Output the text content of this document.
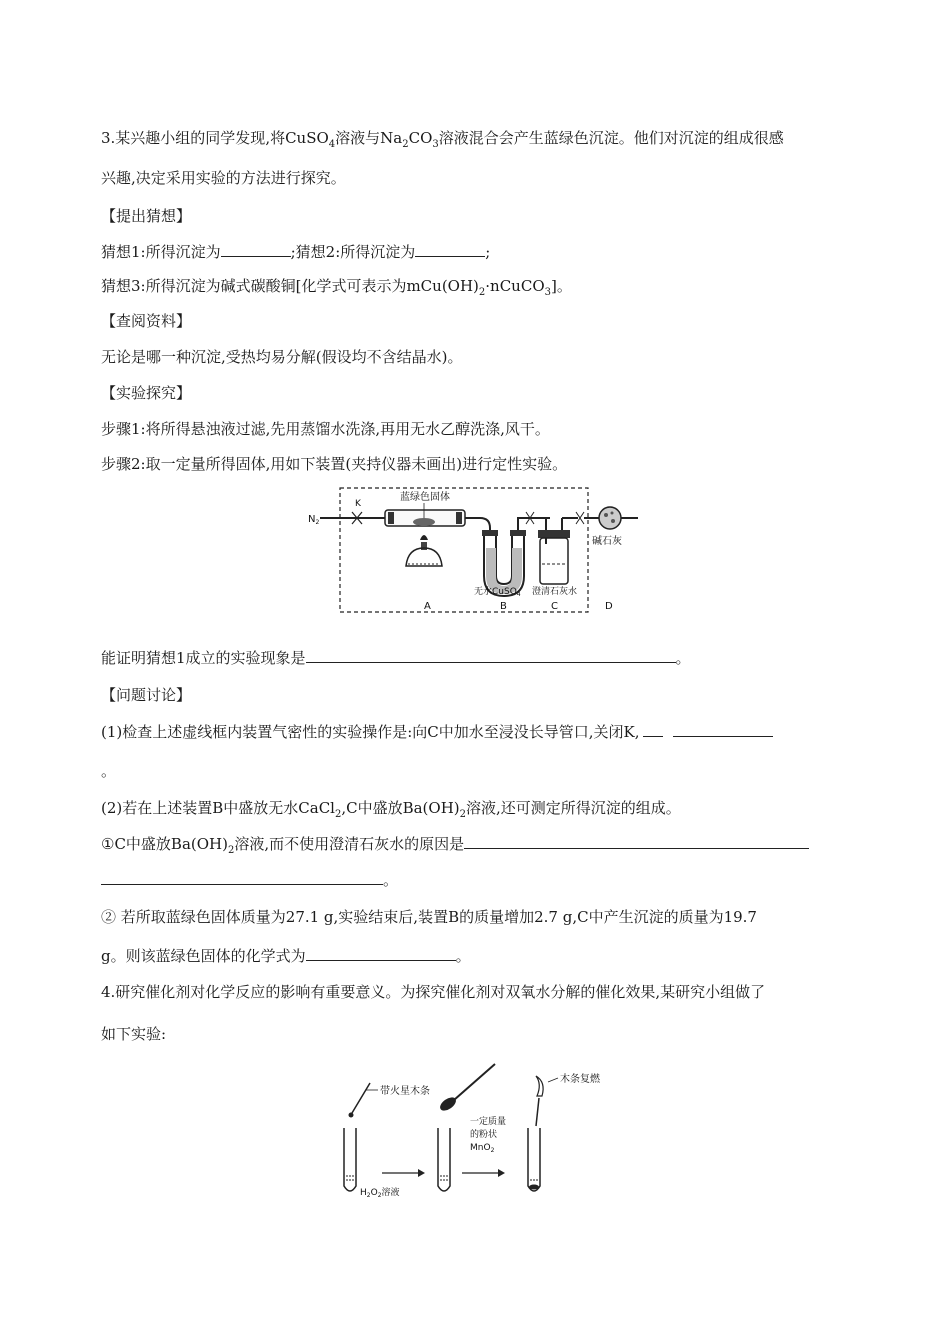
3.某兴趣小组的同学发现,将CuSO$_4$溶液与$Na_2CO_3$溶液混合会产生蓝绿色沉淀。他们对沉淀的组成很感
兴趣,决定采用实验的方法进行探究。
【提出猜想】
猜想1:所得沉淀为	;猜想2:所得沉淀为	;
猜想3:所得沉淀为碱式碳酸铜[化学式可表示为$mCu(OH)_2\cdot nCuCO_3$]。
【查阅资料】
无论是哪一种沉淀,受热均易分解(假设均不含结晶水)。
【实验探究】
步骤1:将所得悬浊液过滤,先用蒸馏水洗涤,再用无水乙醇洗涤,风干。
步骤2:取一定量所得固体,用如下装置(夹持仪器未画出)进行定性实验。
$N_2$
K
蓝绿色固体
碱石灰
无水CuSO$_4$ 澄清石灰水
A	B	C	D
能证明猜想1成立的实验现象是	。
【问题讨论】
(1)检查上述虚线框内装置气密性的实验操作是:向C中加水至浸没长导管口,关闭K,
。
(2)若在上述装置B中盛放无水CaCl$_2$,C中盛放$Ba(OH)_2$溶液,还可测定所得沉淀的组成。
①C中盛放$Ba(OH)_2$溶液,而不使用澄清石灰水的原因是
。
② 若所取蓝绿色固体质量为27.1 g,实验结束后,装置B的质量增加2.7 g,C中产生沉淀的质量为19.7
g。则该蓝绿色固体的化学式为	。
4.研究催化剂对化学反应的影响有重要意义。为探究催化剂对双氧水分解的催化效果,某研究小组做了
如下实验:
带火星木条
$H_2O_2$溶液
一定质量
的粉状
MnO$_2$
木条复燃
